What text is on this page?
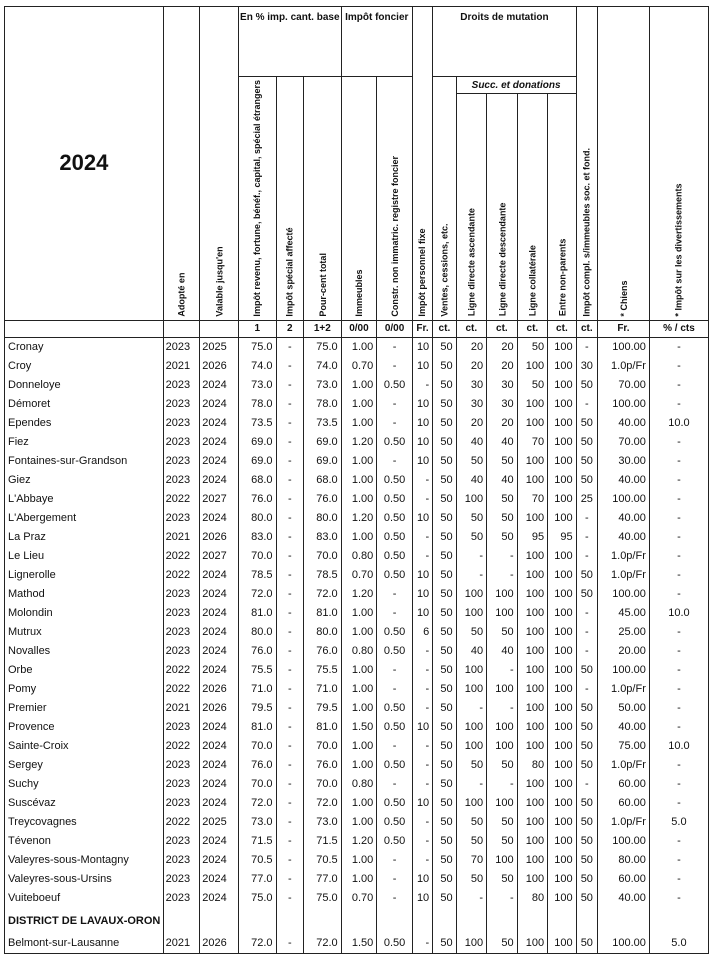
2024	Adopté en	Valable jusqu'en	En % imp. cant. base			Impôt foncier		Impôt personnel fixe	Droits de mutation					Impôt compl. s/immeubles soc. et fond.	* Chiens	* Impôt sur les divertissements
			Impôt revenu, fortune, bénéf., capital, spécial étrangers	Impôt spécial affecté	Pour-cent total	Immeubles	Constr. non immatric. registre foncier		Ventes, cessions, etc.	Succ. et donations						
										Ligne directe ascendante	Ligne directe descendante	Ligne collatérale	Entre non-parents			
			1	2	1+2	0/00	0/00	Fr.	ct.	ct.	ct.	ct.	ct.	ct.	Fr.	% / cts
Cronay	2023	2025	75.0	-	75.0	1.00	-	10	50	20	20	50	100	-	100.00	-
Croy	2021	2026	74.0	-	74.0	0.70	-	10	50	20	20	100	100	30	1.0p/Fr	-
Donneloye	2023	2024	73.0	-	73.0	1.00	0.50	-	50	30	30	50	100	50	70.00	-
Démoret	2023	2024	78.0	-	78.0	1.00	-	10	50	30	30	100	100	-	100.00	-
Ependes	2023	2024	73.5	-	73.5	1.00	-	10	50	20	20	100	100	50	40.00	10.0
Fiez	2023	2024	69.0	-	69.0	1.20	0.50	10	50	40	40	70	100	50	70.00	-
Fontaines-sur-Grandson	2023	2024	69.0	-	69.0	1.00	-	10	50	50	50	100	100	50	30.00	-
Giez	2023	2024	68.0	-	68.0	1.00	0.50	-	50	40	40	100	100	50	40.00	-
L'Abbaye	2022	2027	76.0	-	76.0	1.00	0.50	-	50	100	50	70	100	25	100.00	-
L'Abergement	2023	2024	80.0	-	80.0	1.20	0.50	10	50	50	50	100	100	-	40.00	-
La Praz	2021	2026	83.0	-	83.0	1.00	0.50	-	50	50	50	95	95	-	40.00	-
Le Lieu	2022	2027	70.0	-	70.0	0.80	0.50	-	50	-	-	100	100	-	1.0p/Fr	-
Lignerolle	2022	2024	78.5	-	78.5	0.70	0.50	10	50	-	-	100	100	50	1.0p/Fr	-
Mathod	2023	2024	72.0	-	72.0	1.20	-	10	50	100	100	100	100	50	100.00	-
Molondin	2023	2024	81.0	-	81.0	1.00	-	10	50	100	100	100	100	-	45.00	10.0
Mutrux	2023	2024	80.0	-	80.0	1.00	0.50	6	50	50	50	100	100	-	25.00	-
Novalles	2023	2024	76.0	-	76.0	0.80	0.50	-	50	40	40	100	100	-	20.00	-
Orbe	2022	2024	75.5	-	75.5	1.00	-	-	50	100	-	100	100	50	100.00	-
Pomy	2022	2026	71.0	-	71.0	1.00	-	-	50	100	100	100	100	-	1.0p/Fr	-
Premier	2021	2026	79.5	-	79.5	1.00	0.50	-	50	-	-	100	100	50	50.00	-
Provence	2023	2024	81.0	-	81.0	1.50	0.50	10	50	100	100	100	100	50	40.00	-
Sainte-Croix	2022	2024	70.0	-	70.0	1.00	-	-	50	100	100	100	100	50	75.00	10.0
Sergey	2023	2024	76.0	-	76.0	1.00	0.50	-	50	50	50	80	100	50	1.0p/Fr	-
Suchy	2023	2024	70.0	-	70.0	0.80	-	-	50	-	-	100	100	-	60.00	-
Suscévaz	2023	2024	72.0	-	72.0	1.00	0.50	10	50	100	100	100	100	50	60.00	-
Treycovagnes	2022	2025	73.0	-	73.0	1.00	0.50	-	50	50	50	100	100	50	1.0p/Fr	5.0
Tévenon	2023	2024	71.5	-	71.5	1.20	0.50	-	50	50	50	100	100	50	100.00	-
Valeyres-sous-Montagny	2023	2024	70.5	-	70.5	1.00	-	-	50	70	100	100	100	50	80.00	-
Valeyres-sous-Ursins	2023	2024	77.0	-	77.0	1.00	-	10	50	50	50	100	100	50	60.00	-
Vuiteboeuf	2023	2024	75.0	-	75.0	0.70	-	10	50	-	-	80	100	50	40.00	-
DISTRICT DE LAVAUX-ORON																
Belmont-sur-Lausanne	2021	2026	72.0	-	72.0	1.50	0.50	-	50	100	50	100	100	50	100.00	5.0
